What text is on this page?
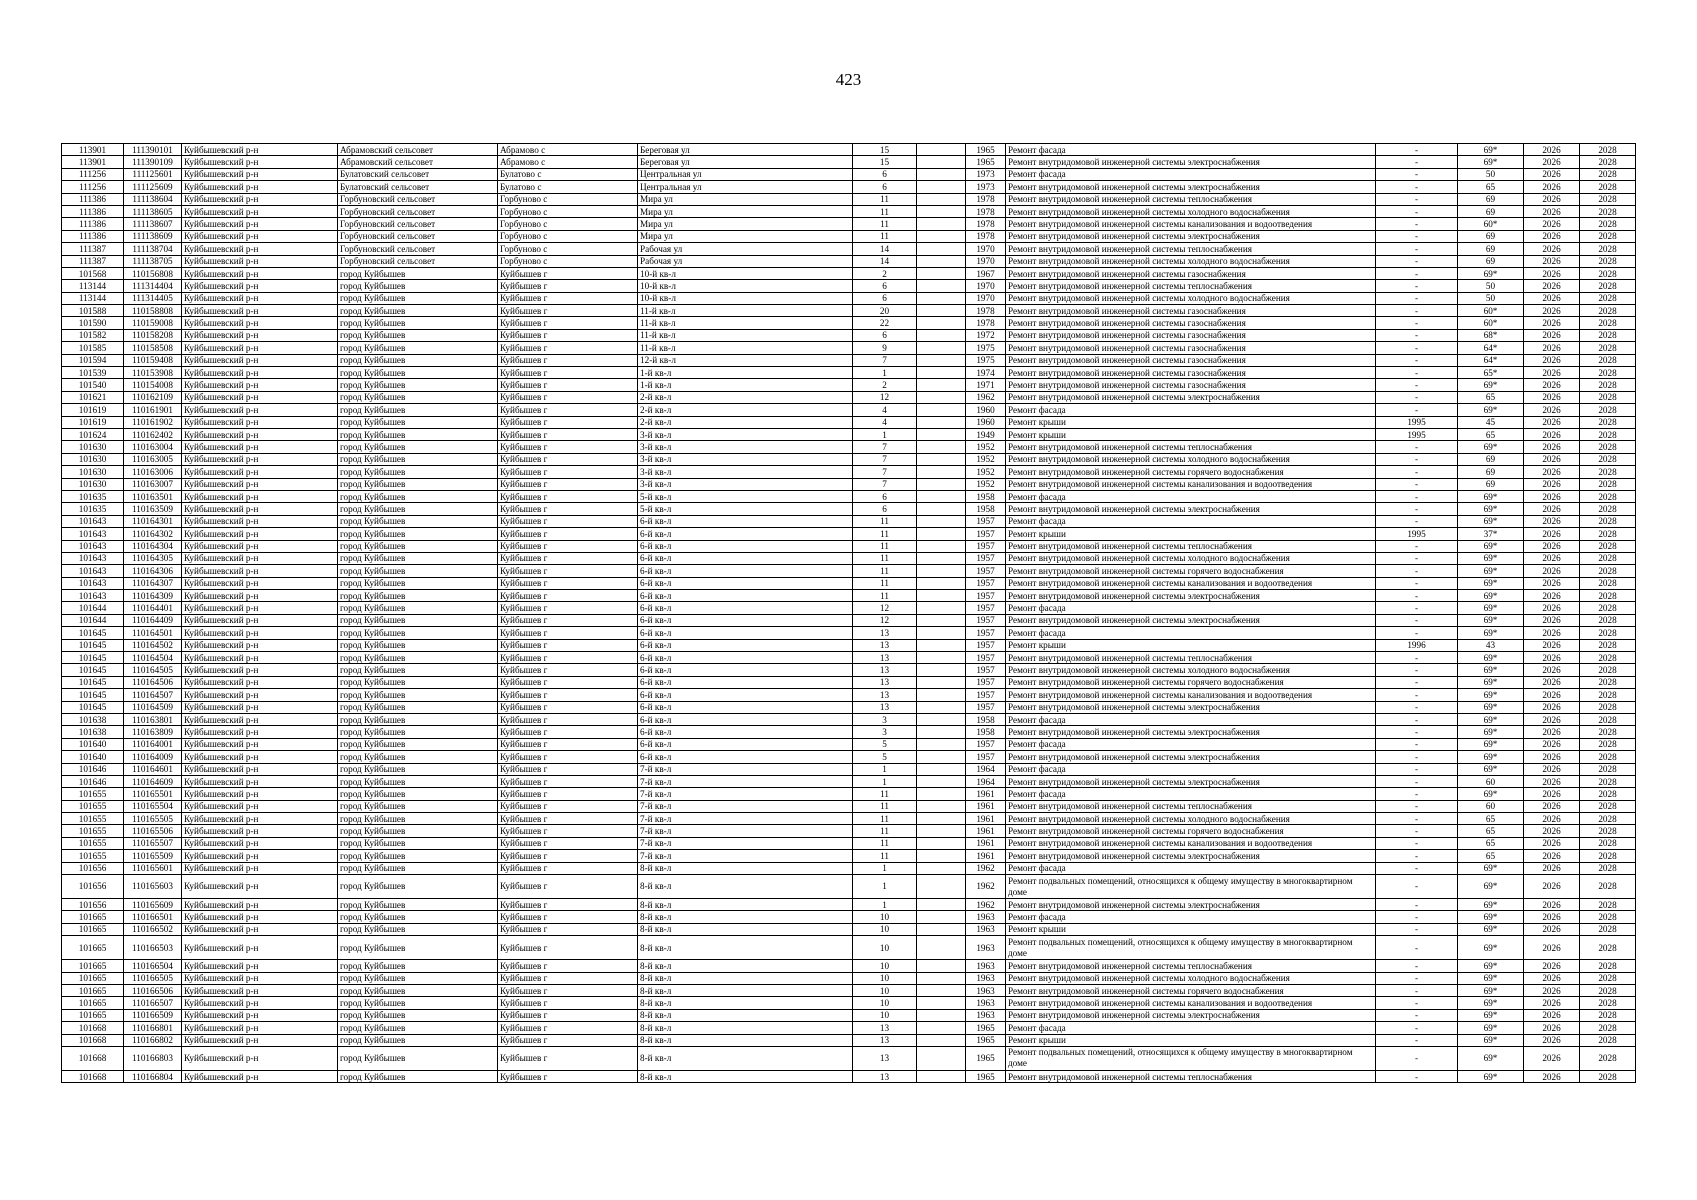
423
113901	111390101	Куйбышевский р-н	Абрамовский сельсовет	Абрамово с	Береговая ул	15		1965	Ремонт фасада	-	69*	2026	2028
113901	111390109	Куйбышевский р-н	Абрамовский сельсовет	Абрамово с	Береговая ул	15		1965	Ремонт внутридомовой инженерной системы электроснабжения	-	69*	2026	2028
111256	111125601	Куйбышевский р-н	Булатовский сельсовет	Булатово с	Центральная ул	6		1973	Ремонт фасада	-	50	2026	2028
111256	111125609	Куйбышевский р-н	Булатовский сельсовет	Булатово с	Центральная ул	6		1973	Ремонт внутридомовой инженерной системы электроснабжения	-	65	2026	2028
111386	111138604	Куйбышевский р-н	Горбуновский сельсовет	Горбуново с	Мира ул	11		1978	Ремонт внутридомовой инженерной системы теплоснабжения	-	69	2026	2028
111386	111138605	Куйбышевский р-н	Горбуновский сельсовет	Горбуново с	Мира ул	11		1978	Ремонт внутридомовой инженерной системы холодного водоснабжения	-	69	2026	2028
111386	111138607	Куйбышевский р-н	Горбуновский сельсовет	Горбуново с	Мира ул	11		1978	Ремонт внутридомовой инженерной системы канализования и водоотведения	-	60*	2026	2028
111386	111138609	Куйбышевский р-н	Горбуновский сельсовет	Горбуново с	Мира ул	11		1978	Ремонт внутридомовой инженерной системы электроснабжения	-	69	2026	2028
111387	111138704	Куйбышевский р-н	Горбуновский сельсовет	Горбуново с	Рабочая ул	14		1970	Ремонт внутридомовой инженерной системы теплоснабжения	-	69	2026	2028
111387	111138705	Куйбышевский р-н	Горбуновский сельсовет	Горбуново с	Рабочая ул	14		1970	Ремонт внутридомовой инженерной системы холодного водоснабжения	-	69	2026	2028
101568	110156808	Куйбышевский р-н	город Куйбышев	Куйбышев г	10-й кв-л	2		1967	Ремонт внутридомовой инженерной системы газоснабжения	-	69*	2026	2028
113144	111314404	Куйбышевский р-н	город Куйбышев	Куйбышев г	10-й кв-л	6		1970	Ремонт внутридомовой инженерной системы теплоснабжения	-	50	2026	2028
113144	111314405	Куйбышевский р-н	город Куйбышев	Куйбышев г	10-й кв-л	6		1970	Ремонт внутридомовой инженерной системы холодного водоснабжения	-	50	2026	2028
101588	110158808	Куйбышевский р-н	город Куйбышев	Куйбышев г	11-й кв-л	20		1978	Ремонт внутридомовой инженерной системы газоснабжения	-	60*	2026	2028
101590	110159008	Куйбышевский р-н	город Куйбышев	Куйбышев г	11-й кв-л	22		1978	Ремонт внутридомовой инженерной системы газоснабжения	-	60*	2026	2028
101582	110158208	Куйбышевский р-н	город Куйбышев	Куйбышев г	11-й кв-л	6		1972	Ремонт внутридомовой инженерной системы газоснабжения	-	68*	2026	2028
101585	110158508	Куйбышевский р-н	город Куйбышев	Куйбышев г	11-й кв-л	9		1975	Ремонт внутридомовой инженерной системы газоснабжения	-	64*	2026	2028
101594	110159408	Куйбышевский р-н	город Куйбышев	Куйбышев г	12-й кв-л	7		1975	Ремонт внутридомовой инженерной системы газоснабжения	-	64*	2026	2028
101539	110153908	Куйбышевский р-н	город Куйбышев	Куйбышев г	1-й кв-л	1		1974	Ремонт внутридомовой инженерной системы газоснабжения	-	65*	2026	2028
101540	110154008	Куйбышевский р-н	город Куйбышев	Куйбышев г	1-й кв-л	2		1971	Ремонт внутридомовой инженерной системы газоснабжения	-	69*	2026	2028
101621	110162109	Куйбышевский р-н	город Куйбышев	Куйбышев г	2-й кв-л	12		1962	Ремонт внутридомовой инженерной системы электроснабжения	-	65	2026	2028
101619	110161901	Куйбышевский р-н	город Куйбышев	Куйбышев г	2-й кв-л	4		1960	Ремонт фасада	-	69*	2026	2028
101619	110161902	Куйбышевский р-н	город Куйбышев	Куйбышев г	2-й кв-л	4		1960	Ремонт крыши	1995	45	2026	2028
101624	110162402	Куйбышевский р-н	город Куйбышев	Куйбышев г	3-й кв-л	1		1949	Ремонт крыши	1995	65	2026	2028
101630	110163004	Куйбышевский р-н	город Куйбышев	Куйбышев г	3-й кв-л	7		1952	Ремонт внутридомовой инженерной системы теплоснабжения	-	69*	2026	2028
101630	110163005	Куйбышевский р-н	город Куйбышев	Куйбышев г	3-й кв-л	7		1952	Ремонт внутридомовой инженерной системы холодного водоснабжения	-	69	2026	2028
101630	110163006	Куйбышевский р-н	город Куйбышев	Куйбышев г	3-й кв-л	7		1952	Ремонт внутридомовой инженерной системы горячего водоснабжения	-	69	2026	2028
101630	110163007	Куйбышевский р-н	город Куйбышев	Куйбышев г	3-й кв-л	7		1952	Ремонт внутридомовой инженерной системы канализования и водоотведения	-	69	2026	2028
101635	110163501	Куйбышевский р-н	город Куйбышев	Куйбышев г	5-й кв-л	6		1958	Ремонт фасада	-	69*	2026	2028
101635	110163509	Куйбышевский р-н	город Куйбышев	Куйбышев г	5-й кв-л	6		1958	Ремонт внутридомовой инженерной системы электроснабжения	-	69*	2026	2028
101643	110164301	Куйбышевский р-н	город Куйбышев	Куйбышев г	6-й кв-л	11		1957	Ремонт фасада	-	69*	2026	2028
101643	110164302	Куйбышевский р-н	город Куйбышев	Куйбышев г	6-й кв-л	11		1957	Ремонт крыши	1995	37*	2026	2028
101643	110164304	Куйбышевский р-н	город Куйбышев	Куйбышев г	6-й кв-л	11		1957	Ремонт внутридомовой инженерной системы теплоснабжения	-	69*	2026	2028
101643	110164305	Куйбышевский р-н	город Куйбышев	Куйбышев г	6-й кв-л	11		1957	Ремонт внутридомовой инженерной системы холодного водоснабжения	-	69*	2026	2028
101643	110164306	Куйбышевский р-н	город Куйбышев	Куйбышев г	6-й кв-л	11		1957	Ремонт внутридомовой инженерной системы горячего водоснабжения	-	69*	2026	2028
101643	110164307	Куйбышевский р-н	город Куйбышев	Куйбышев г	6-й кв-л	11		1957	Ремонт внутридомовой инженерной системы канализования и водоотведения	-	69*	2026	2028
101643	110164309	Куйбышевский р-н	город Куйбышев	Куйбышев г	6-й кв-л	11		1957	Ремонт внутридомовой инженерной системы электроснабжения	-	69*	2026	2028
101644	110164401	Куйбышевский р-н	город Куйбышев	Куйбышев г	6-й кв-л	12		1957	Ремонт фасада	-	69*	2026	2028
101644	110164409	Куйбышевский р-н	город Куйбышев	Куйбышев г	6-й кв-л	12		1957	Ремонт внутридомовой инженерной системы электроснабжения	-	69*	2026	2028
101645	110164501	Куйбышевский р-н	город Куйбышев	Куйбышев г	6-й кв-л	13		1957	Ремонт фасада	-	69*	2026	2028
101645	110164502	Куйбышевский р-н	город Куйбышев	Куйбышев г	6-й кв-л	13		1957	Ремонт крыши	1996	43	2026	2028
101645	110164504	Куйбышевский р-н	город Куйбышев	Куйбышев г	6-й кв-л	13		1957	Ремонт внутридомовой инженерной системы теплоснабжения	-	69*	2026	2028
101645	110164505	Куйбышевский р-н	город Куйбышев	Куйбышев г	6-й кв-л	13		1957	Ремонт внутридомовой инженерной системы холодного водоснабжения	-	69*	2026	2028
101645	110164506	Куйбышевский р-н	город Куйбышев	Куйбышев г	6-й кв-л	13		1957	Ремонт внутридомовой инженерной системы горячего водоснабжения	-	69*	2026	2028
101645	110164507	Куйбышевский р-н	город Куйбышев	Куйбышев г	6-й кв-л	13		1957	Ремонт внутридомовой инженерной системы канализования и водоотведения	-	69*	2026	2028
101645	110164509	Куйбышевский р-н	город Куйбышев	Куйбышев г	6-й кв-л	13		1957	Ремонт внутридомовой инженерной системы электроснабжения	-	69*	2026	2028
101638	110163801	Куйбышевский р-н	город Куйбышев	Куйбышев г	6-й кв-л	3		1958	Ремонт фасада	-	69*	2026	2028
101638	110163809	Куйбышевский р-н	город Куйбышев	Куйбышев г	6-й кв-л	3		1958	Ремонт внутридомовой инженерной системы электроснабжения	-	69*	2026	2028
101640	110164001	Куйбышевский р-н	город Куйбышев	Куйбышев г	6-й кв-л	5		1957	Ремонт фасада	-	69*	2026	2028
101640	110164009	Куйбышевский р-н	город Куйбышев	Куйбышев г	6-й кв-л	5		1957	Ремонт внутридомовой инженерной системы электроснабжения	-	69*	2026	2028
101646	110164601	Куйбышевский р-н	город Куйбышев	Куйбышев г	7-й кв-л	1		1964	Ремонт фасада	-	69*	2026	2028
101646	110164609	Куйбышевский р-н	город Куйбышев	Куйбышев г	7-й кв-л	1		1964	Ремонт внутридомовой инженерной системы электроснабжения	-	60	2026	2028
101655	110165501	Куйбышевский р-н	город Куйбышев	Куйбышев г	7-й кв-л	11		1961	Ремонт фасада	-	69*	2026	2028
101655	110165504	Куйбышевский р-н	город Куйбышев	Куйбышев г	7-й кв-л	11		1961	Ремонт внутридомовой инженерной системы теплоснабжения	-	60	2026	2028
101655	110165505	Куйбышевский р-н	город Куйбышев	Куйбышев г	7-й кв-л	11		1961	Ремонт внутридомовой инженерной системы холодного водоснабжения	-	65	2026	2028
101655	110165506	Куйбышевский р-н	город Куйбышев	Куйбышев г	7-й кв-л	11		1961	Ремонт внутридомовой инженерной системы горячего водоснабжения	-	65	2026	2028
101655	110165507	Куйбышевский р-н	город Куйбышев	Куйбышев г	7-й кв-л	11		1961	Ремонт внутридомовой инженерной системы канализования и водоотведения	-	65	2026	2028
101655	110165509	Куйбышевский р-н	город Куйбышев	Куйбышев г	7-й кв-л	11		1961	Ремонт внутридомовой инженерной системы электроснабжения	-	65	2026	2028
101656	110165601	Куйбышевский р-н	город Куйбышев	Куйбышев г	8-й кв-л	1		1962	Ремонт фасада	-	69*	2026	2028
101656	110165603	Куйбышевский р-н	город Куйбышев	Куйбышев г	8-й кв-л	1		1962	Ремонт подвальных помещений, относящихся к общему имуществу в многоквартирном доме	-	69*	2026	2028
101656	110165609	Куйбышевский р-н	город Куйбышев	Куйбышев г	8-й кв-л	1		1962	Ремонт внутридомовой инженерной системы электроснабжения	-	69*	2026	2028
101665	110166501	Куйбышевский р-н	город Куйбышев	Куйбышев г	8-й кв-л	10		1963	Ремонт фасада	-	69*	2026	2028
101665	110166502	Куйбышевский р-н	город Куйбышев	Куйбышев г	8-й кв-л	10		1963	Ремонт крыши	-	69*	2026	2028
101665	110166503	Куйбышевский р-н	город Куйбышев	Куйбышев г	8-й кв-л	10		1963	Ремонт подвальных помещений, относящихся к общему имуществу в многоквартирном доме	-	69*	2026	2028
101665	110166504	Куйбышевский р-н	город Куйбышев	Куйбышев г	8-й кв-л	10		1963	Ремонт внутридомовой инженерной системы теплоснабжения	-	69*	2026	2028
101665	110166505	Куйбышевский р-н	город Куйбышев	Куйбышев г	8-й кв-л	10		1963	Ремонт внутридомовой инженерной системы холодного водоснабжения	-	69*	2026	2028
101665	110166506	Куйбышевский р-н	город Куйбышев	Куйбышев г	8-й кв-л	10		1963	Ремонт внутридомовой инженерной системы горячего водоснабжения	-	69*	2026	2028
101665	110166507	Куйбышевский р-н	город Куйбышев	Куйбышев г	8-й кв-л	10		1963	Ремонт внутридомовой инженерной системы канализования и водоотведения	-	69*	2026	2028
101665	110166509	Куйбышевский р-н	город Куйбышев	Куйбышев г	8-й кв-л	10		1963	Ремонт внутридомовой инженерной системы электроснабжения	-	69*	2026	2028
101668	110166801	Куйбышевский р-н	город Куйбышев	Куйбышев г	8-й кв-л	13		1965	Ремонт фасада	-	69*	2026	2028
101668	110166802	Куйбышевский р-н	город Куйбышев	Куйбышев г	8-й кв-л	13		1965	Ремонт крыши	-	69*	2026	2028
101668	110166803	Куйбышевский р-н	город Куйбышев	Куйбышев г	8-й кв-л	13		1965	Ремонт подвальных помещений, относящихся к общему имуществу в многоквартирном доме	-	69*	2026	2028
101668	110166804	Куйбышевский р-н	город Куйбышев	Куйбышев г	8-й кв-л	13		1965	Ремонт внутридомовой инженерной системы теплоснабжения	-	69*	2026	2028
